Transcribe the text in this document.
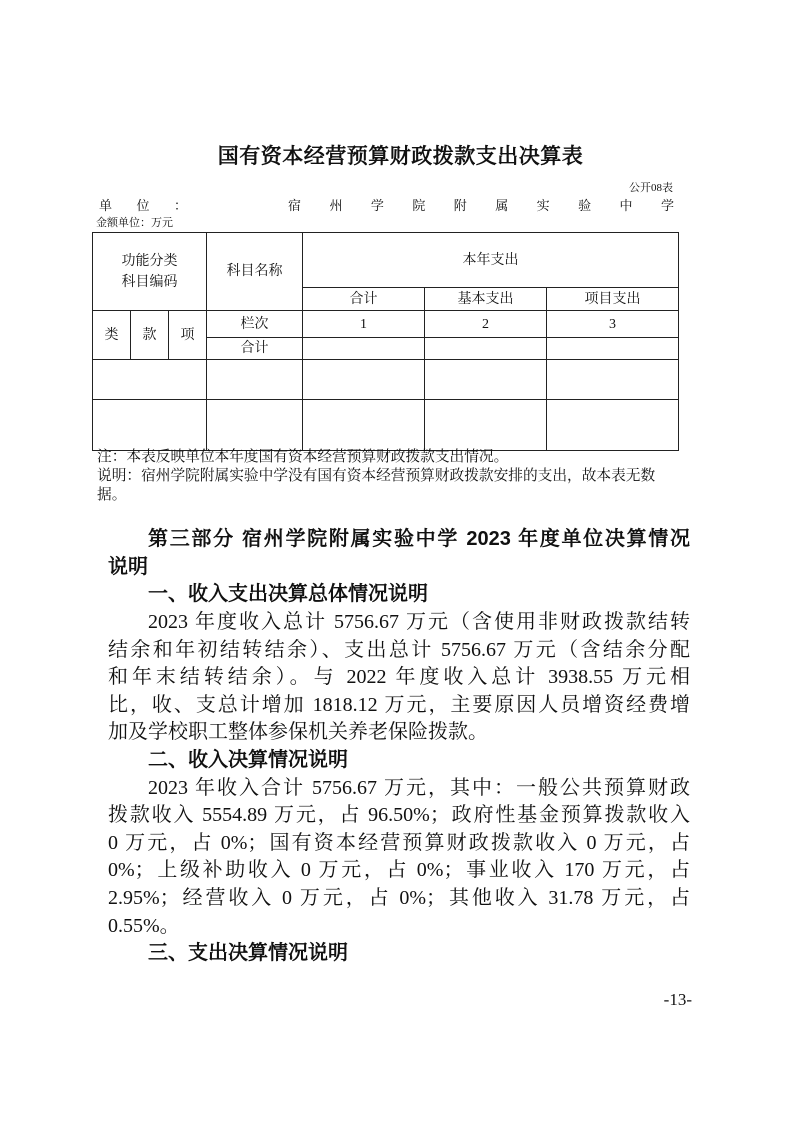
国有资本经营预算财政拨款支出决算表
公开08表
单位：	宿州学院附属实验中学
金额单位：万元
功能分类
科目编码			科目名称	本年支出		
				合计	基本支出	项目支出
类	款	项	栏次	1	2	3
			合计			

注：本表反映单位本年度国有资本经营预算财政拨款支出情况。
说明：宿州学院附属实验中学没有国有资本经营预算财政拨款安排的支出，故本表无数
据。
第三部分 宿州学院附属实验中学 2023 年度单位决算情况
说明
一、收入支出决算总体情况说明
2023 年度收入总计 5756.67 万元（含使用非财政拨款结转
结余和年初结转结余）、支出总计 5756.67 万元（含结余分配
和年末结转结余）。与 2022 年度收入总计 3938.55 万元相
比，收、支总计增加 1818.12 万元，主要原因人员增资经费增
加及学校职工整体参保机关养老保险拨款。
二、收入决算情况说明
2023 年收入合计 5756.67 万元，其中：一般公共预算财政
拨款收入 5554.89 万元，占 96.50%；政府性基金预算拨款收入
0 万元，占 0%；国有资本经营预算财政拨款收入 0 万元，占
0%；上级补助收入 0 万元，占 0%；事业收入 170 万元，占
2.95%；经营收入 0 万元，占 0%；其他收入 31.78 万元，占
0.55%。
三、支出决算情况说明
-13-
